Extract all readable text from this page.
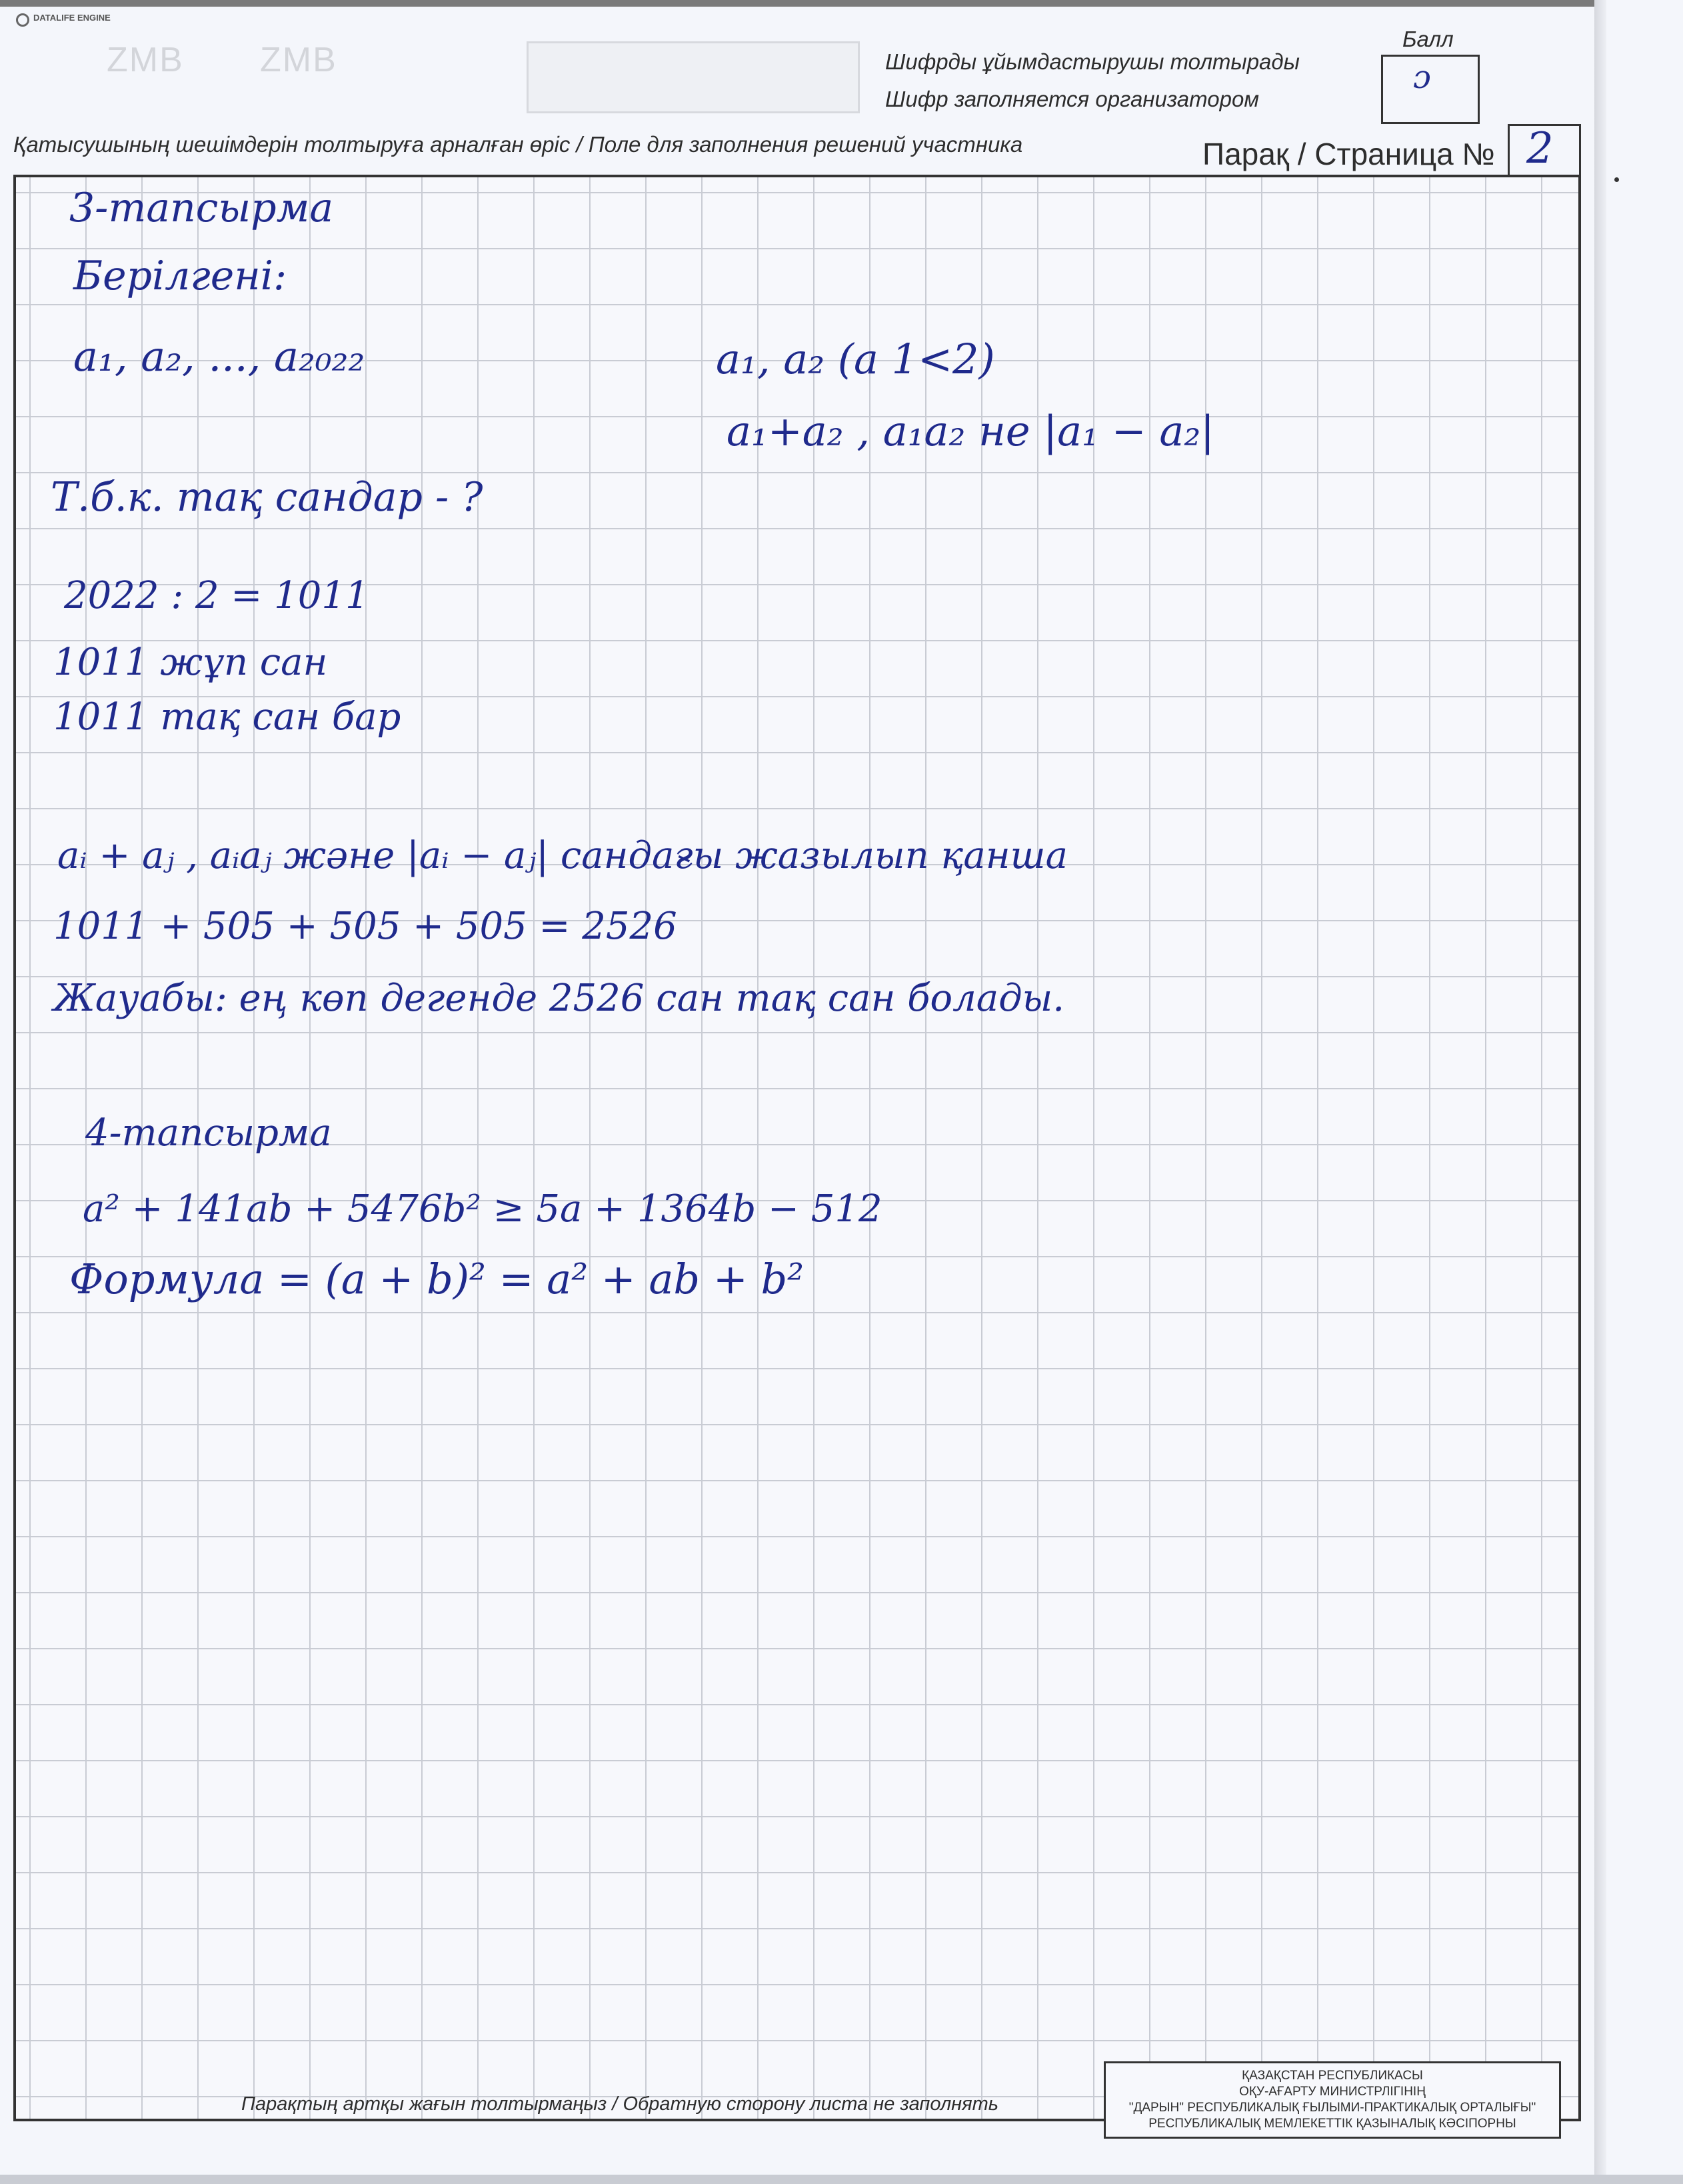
DATALIFE ENGINE
ZMB ZMB	Шифрды ұйымдастырушы толтырады
Шифр заполняется организатором
Балл
ɔ
Қатысушының шешімдерін толтыруға арналған өріс / Поле для заполнения решений участника	Парақ / Страница № 2
3-тапсырма
Берілгені:
a₁, a₂, ..., a₂₀₂₂	a₁, a₂ (a 1<2)
a₁+a₂ , a₁a₂ не |a₁ − a₂|
Т.б.к. тақ сандар - ?
2022 : 2 = 1011
1011 жұп сан
1011 тақ сан бар
aᵢ + aⱼ , aᵢaⱼ және |aᵢ − aⱼ| сандағы жазылып қанша
1011 + 505 + 505 + 505 = 2526
Жауабы: ең көп дегенде 2526 сан тақ сан болады.
4-тапсырма
a² + 141ab + 5476b² ≥ 5a + 1364b − 512
Формула = (a + b)² = a² + ab + b²
Парақтың артқы жағын толтырмаңыз / Обратную сторону листа не заполнять
ҚАЗАҚСТАН РЕСПУБЛИКАСЫ
ОҚУ-АҒАРТУ МИНИСТРЛІГІНІҢ
"ДАРЫН" РЕСПУБЛИКАЛЫҚ ҒЫЛЫМИ-ПРАКТИКАЛЫҚ ОРТАЛЫҒЫ"
РЕСПУБЛИКАЛЫҚ МЕМЛЕКЕТТІК ҚАЗЫНАЛЫҚ КӘСІПОРНЫ
